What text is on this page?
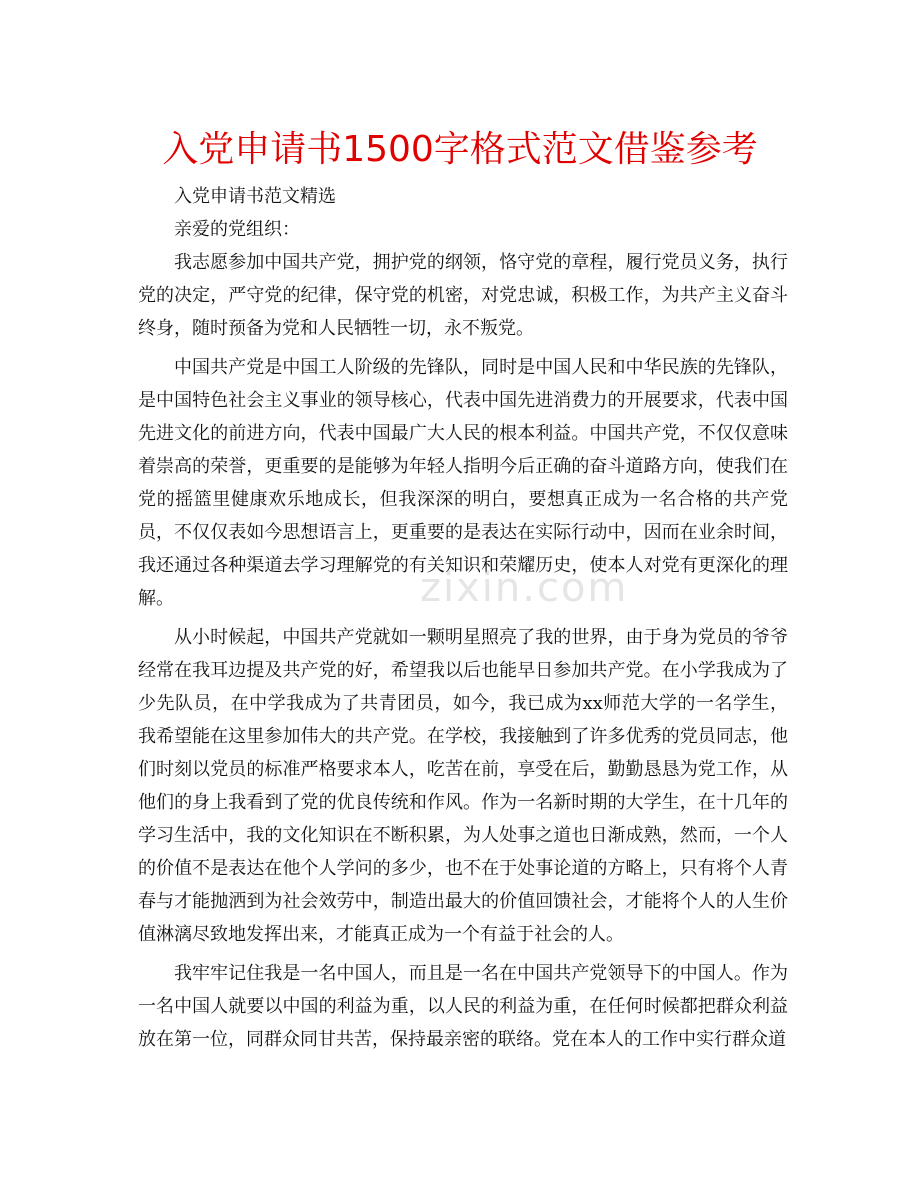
入党申请书1500字格式范文借鉴参考

入党申请书范文精选

亲爱的党组织：

我志愿参加中国共产党，拥护党的纲领，恪守党的章程，履行党员义务，执行党的决定，严守党的纪律，保守党的机密，对党忠诚，积极工作，为共产主义奋斗终身，随时预备为党和人民牺牲一切，永不叛党。

中国共产党是中国工人阶级的先锋队，同时是中国人民和中华民族的先锋队，是中国特色社会主义事业的领导核心，代表中国先进消费力的开展要求，代表中国先进文化的前进方向，代表中国最广大人民的根本利益。中国共产党，不仅仅意味着崇高的荣誉，更重要的是能够为年轻人指明今后正确的奋斗道路方向，使我们在党的摇篮里健康欢乐地成长，但我深深的明白，要想真正成为一名合格的共产党员，不仅仅表如今思想语言上，更重要的是表达在实际行动中，因而在业余时间，我还通过各种渠道去学习理解党的有关知识和荣耀历史，使本人对党有更深化的理解。

从小时候起，中国共产党就如一颗明星照亮了我的世界，由于身为党员的爷爷经常在我耳边提及共产党的好，希望我以后也能早日参加共产党。在小学我成为了少先队员，在中学我成为了共青团员，如今，我已成为xx师范大学的一名学生，我希望能在这里参加伟大的共产党。在学校，我接触到了许多优秀的党员同志，他们时刻以党员的标准严格要求本人，吃苦在前，享受在后，勤勤恳恳为党工作，从他们的身上我看到了党的优良传统和作风。作为一名新时期的大学生，在十几年的学习生活中，我的文化知识在不断积累，为人处事之道也日渐成熟，然而，一个人的价值不是表达在他个人学问的多少，也不在于处事论道的方略上，只有将个人青春与才能抛洒到为社会效劳中，制造出最大的价值回馈社会，才能将个人的人生价值淋漓尽致地发挥出来，才能真正成为一个有益于社会的人。

我牢牢记住我是一名中国人，而且是一名在中国共产党领导下的中国人。作为一名中国人就要以中国的利益为重，以人民的利益为重，在任何时候都把群众利益放在第一位，同群众同甘共苦，保持最亲密的联络。党在本人的工作中实行群众道

zixin.com
